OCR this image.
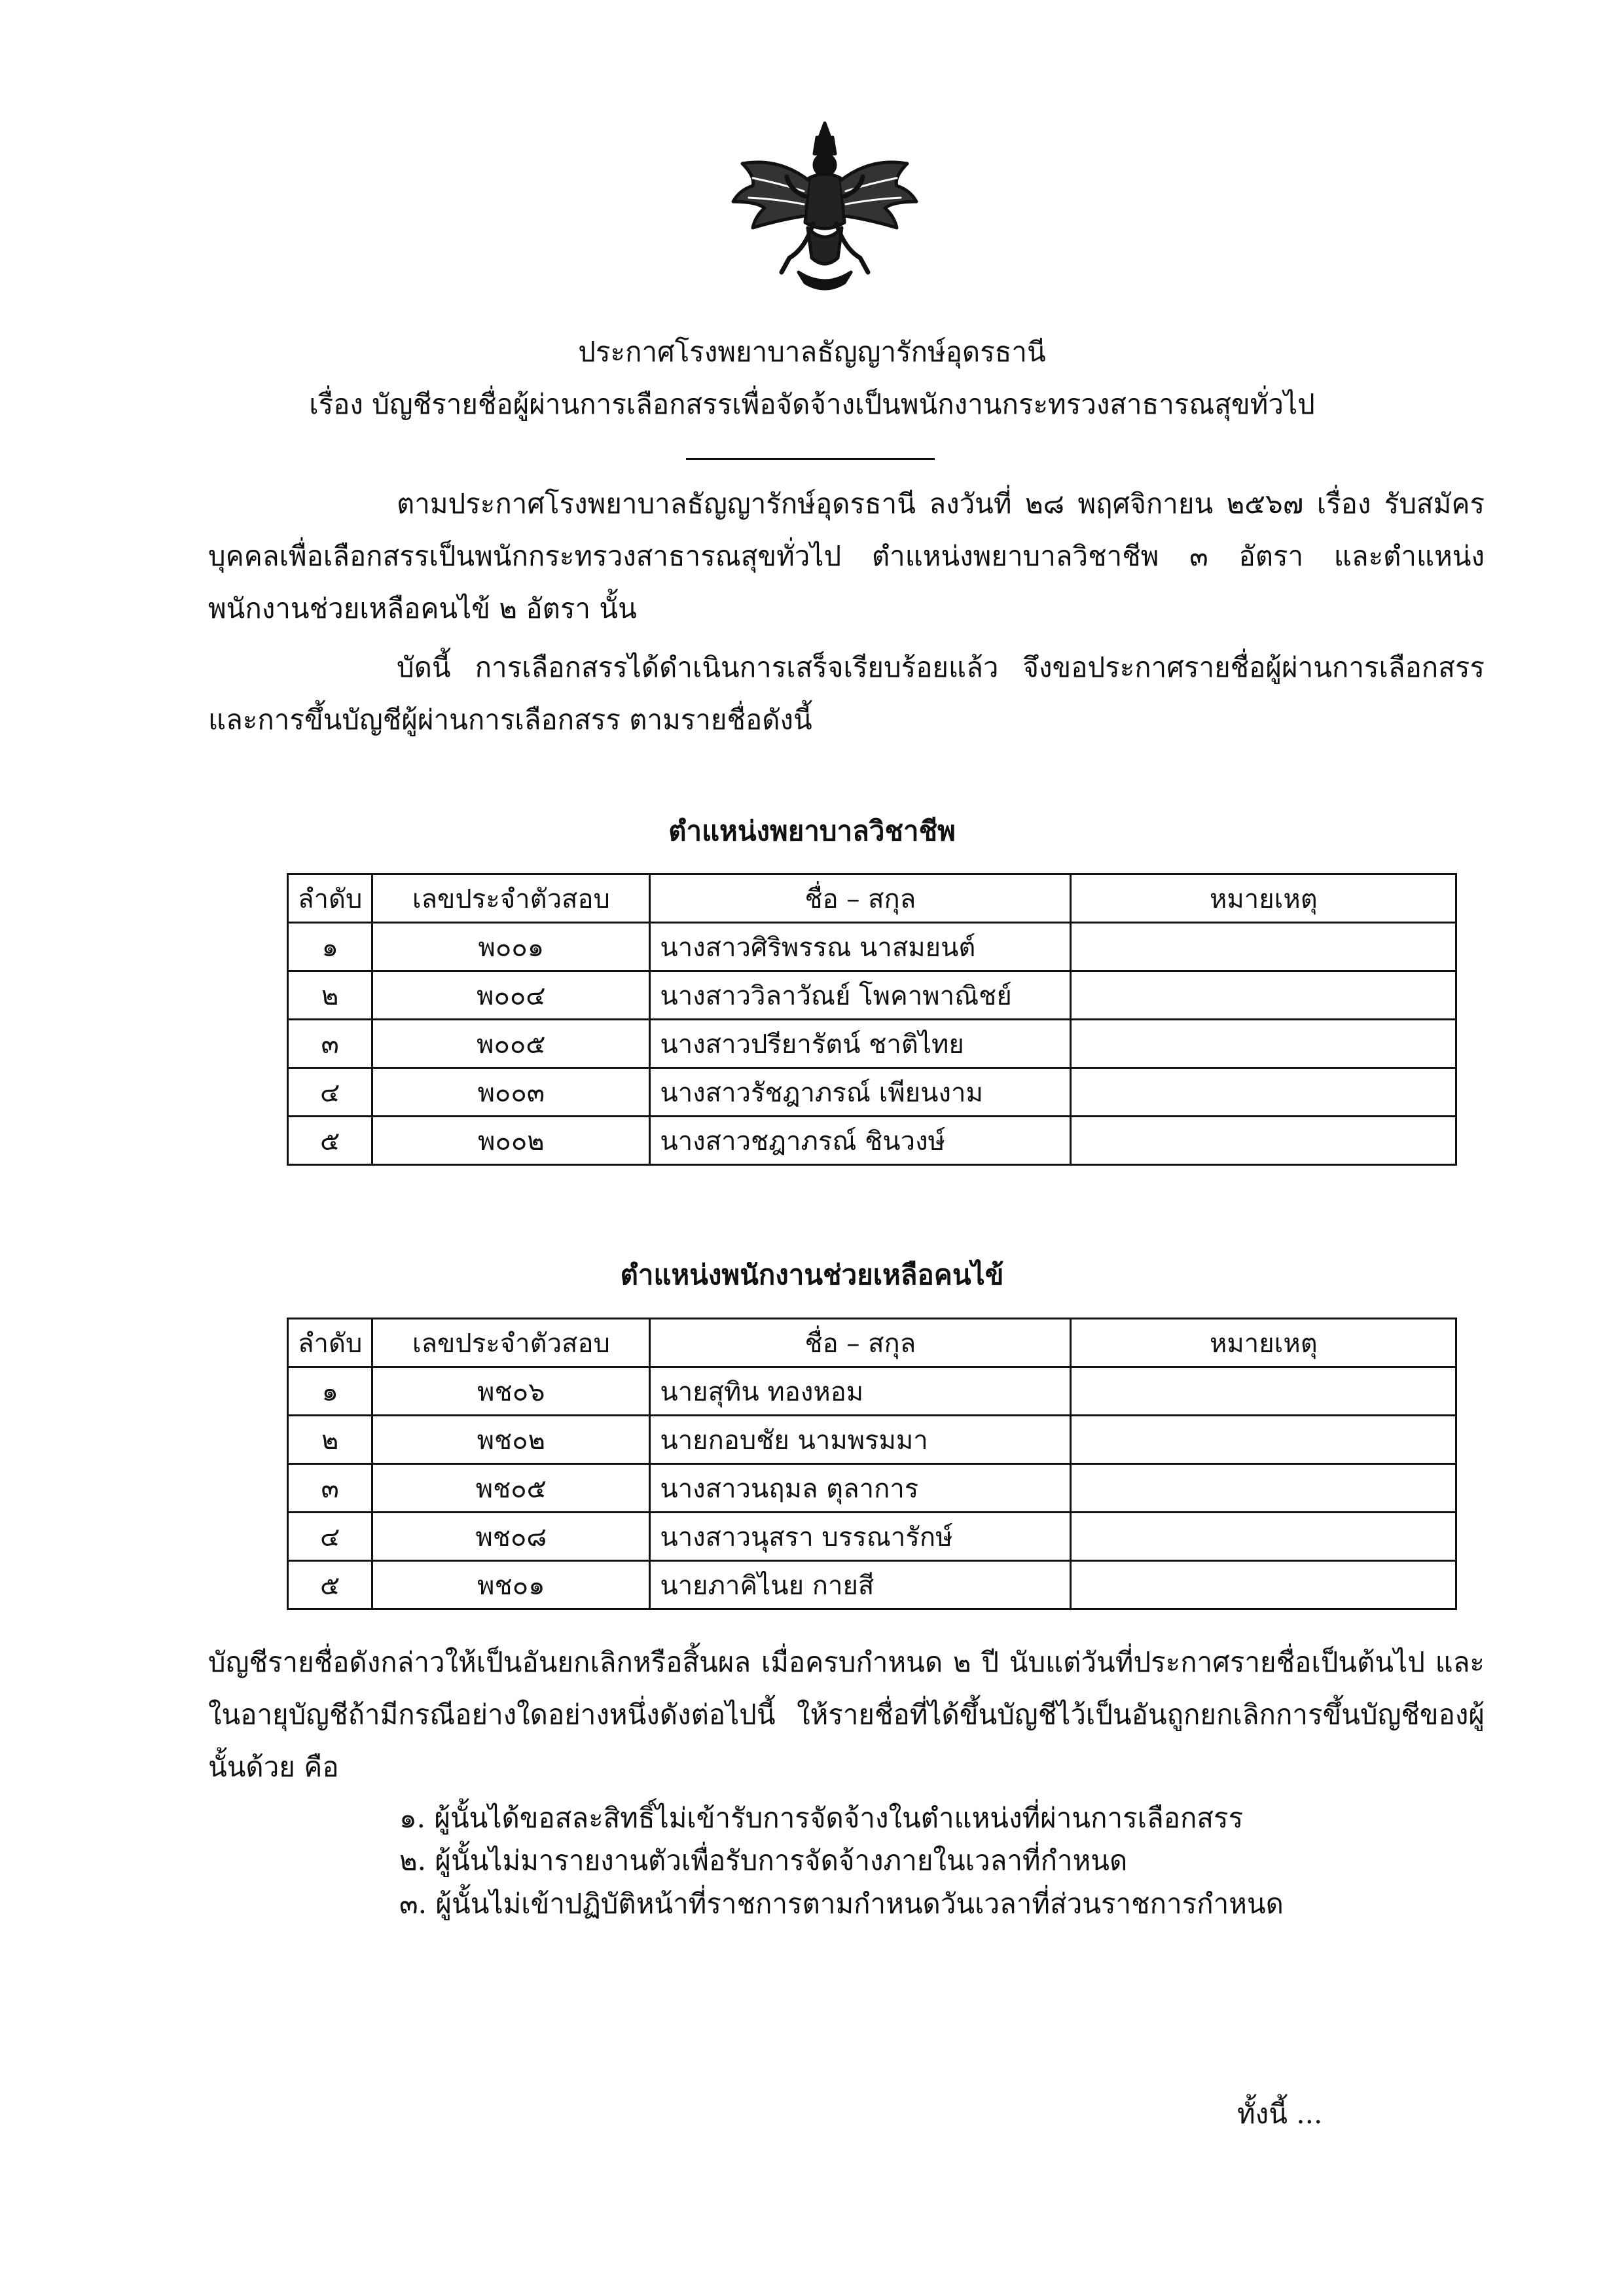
ประกาศโรงพยาบาลธัญญารักษ์อุดรธานี
เรื่อง บัญชีรายชื่อผู้ผ่านการเลือกสรรเพื่อจัดจ้างเป็นพนักงานกระทรวงสาธารณสุขทั่วไป
ตามประกาศโรงพยาบาลธัญญารักษ์อุดรธานี ลงวันที่ ๒๘ พฤศจิกายน ๒๕๖๗ เรื่อง รับสมัครบุคคลเพื่อเลือกสรรเป็นพนักกระทรวงสาธารณสุขทั่วไป ตำแหน่งพยาบาลวิชาชีพ ๓ อัตรา และตำแหน่งพนักงานช่วยเหลือคนไข้ ๒ อัตรา นั้น
บัดนี้ การเลือกสรรได้ดำเนินการเสร็จเรียบร้อยแล้ว จึงขอประกาศรายชื่อผู้ผ่านการเลือกสรร และการขึ้นบัญชีผู้ผ่านการเลือกสรร ตามรายชื่อดังนี้
ตำแหน่งพยาบาลวิชาชีพ
ลำดับ	เลขประจำตัวสอบ	ชื่อ – สกุล	หมายเหตุ
๑	พ๐๐๑	นางสาวศิริพรรณ นาสมยนต์	
๒	พ๐๐๔	นางสาววิลาวัณย์ โพคาพาณิชย์	
๓	พ๐๐๕	นางสาวปรียารัตน์ ชาติไทย	
๔	พ๐๐๓	นางสาวรัชฎาภรณ์ เพียนงาม	
๕	พ๐๐๒	นางสาวชฎาภรณ์ ชินวงษ์	
ตำแหน่งพนักงานช่วยเหลือคนไข้
ลำดับ	เลขประจำตัวสอบ	ชื่อ – สกุล	หมายเหตุ
๑	พช๐๖	นายสุทิน ทองหอม	
๒	พช๐๒	นายกอบชัย นามพรมมา	
๓	พช๐๕	นางสาวนฤมล ตุลาการ	
๔	พช๐๘	นางสาวนุสรา บรรณารักษ์	
๕	พช๐๑	นายภาคิไนย กายสี	
บัญชีรายชื่อดังกล่าวให้เป็นอันยกเลิกหรือสิ้นผล เมื่อครบกำหนด ๒ ปี นับแต่วันที่ประกาศรายชื่อเป็นต้นไป และในอายุบัญชีถ้ามีกรณีอย่างใดอย่างหนึ่งดังต่อไปนี้ ให้รายชื่อที่ได้ขึ้นบัญชีไว้เป็นอันถูกยกเลิกการขึ้นบัญชีของผู้นั้นด้วย คือ
๑. ผู้นั้นได้ขอสละสิทธิ์ไม่เข้ารับการจัดจ้างในตำแหน่งที่ผ่านการเลือกสรร
๒. ผู้นั้นไม่มารายงานตัวเพื่อรับการจัดจ้างภายในเวลาที่กำหนด
๓. ผู้นั้นไม่เข้าปฏิบัติหน้าที่ราชการตามกำหนดวันเวลาที่ส่วนราชการกำหนด
ทั้งนี้ ...
